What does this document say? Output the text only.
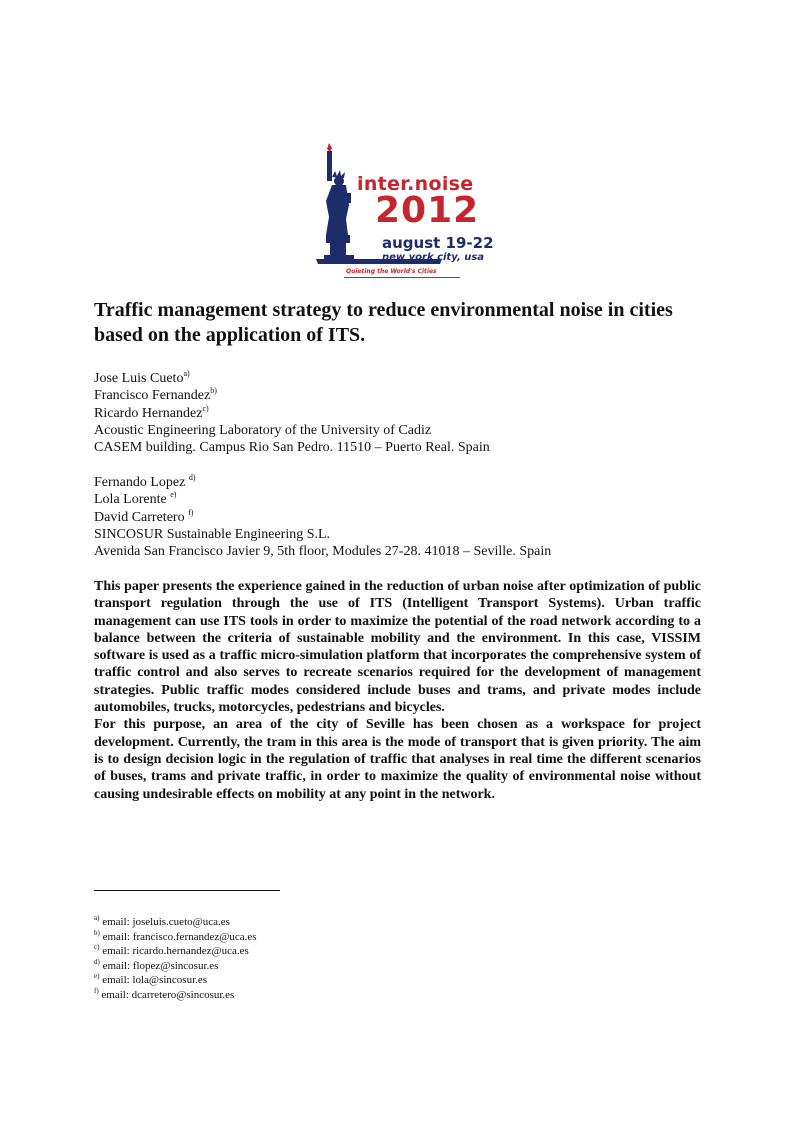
inter.noise
2012
august 19-22
new york city, usa
Quieting the World's Cities
Traffic management strategy to reduce environmental noise in cities based on the application of ITS.
Jose Luis Cueto$^{a)}$
Francisco Fernandez$^{b)}$
Ricardo Hernandez$^{c)}$
Acoustic Engineering Laboratory of the University of Cadiz
CASEM building. Campus Rio San Pedro. 11510 – Puerto Real. Spain
Fernando Lopez $^{d)}$
Lola Lorente $^{e)}$
David Carretero $^{f)}$
SINCOSUR Sustainable Engineering S.L.
Avenida San Francisco Javier 9, 5th floor, Modules 27-28. 41018 – Seville. Spain

This paper presents the experience gained in the reduction of urban noise after optimization of public transport regulation through the use of ITS (Intelligent Transport Systems). Urban traffic management can use ITS tools in order to maximize the potential of the road network according to a balance between the criteria of sustainable mobility and the environment. In this case, VISSIM software is used as a traffic micro-simulation platform that incorporates the comprehensive system of traffic control and also serves to recreate scenarios required for the development of management strategies. Public traffic modes considered include buses and trams, and private modes include automobiles, trucks, motorcycles, pedestrians and bicycles.

For this purpose, an area of the city of Seville has been chosen as a workspace for project development. Currently, the tram in this area is the mode of transport that is given priority. The aim is to design decision logic in the regulation of traffic that analyses in real time the different scenarios of buses, trams and private traffic, in order to maximize the quality of environmental noise without causing undesirable effects on mobility at any point in the network.

$^{a)}$ email: joseluis.cueto@uca.es
$^{b)}$ email: francisco.fernandez@uca.es
$^{c)}$ email: ricardo.hernandez@uca.es
$^{d)}$ email: flopez@sincosur.es
$^{e)}$ email: lola@sincosur.es
$^{f)}$ email: dcarretero@sincosur.es
